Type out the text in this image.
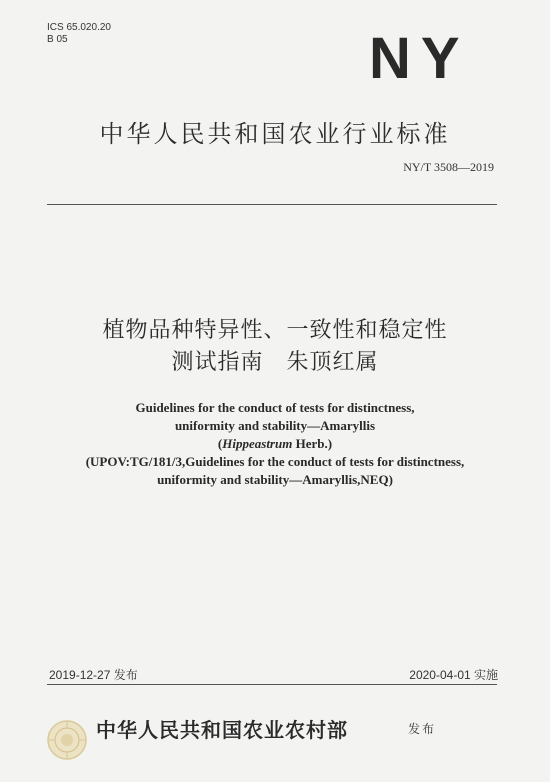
ICS 65.020.20
B 05	NY
中华人民共和国农业行业标准
NY/T 3508—2019
植物品种特异性、一致性和稳定性
测试指南　朱顶红属
Guidelines for the conduct of tests for distinctness,
uniformity and stability—Amaryllis
(Hippeastrum Herb.)
(UPOV:TG/181/3,Guidelines for the conduct of tests for distinctness,
uniformity and stability—Amaryllis,NEQ)
2019-12-27 发布	2020-04-01 实施
中华人民共和国农业农村部	发布
